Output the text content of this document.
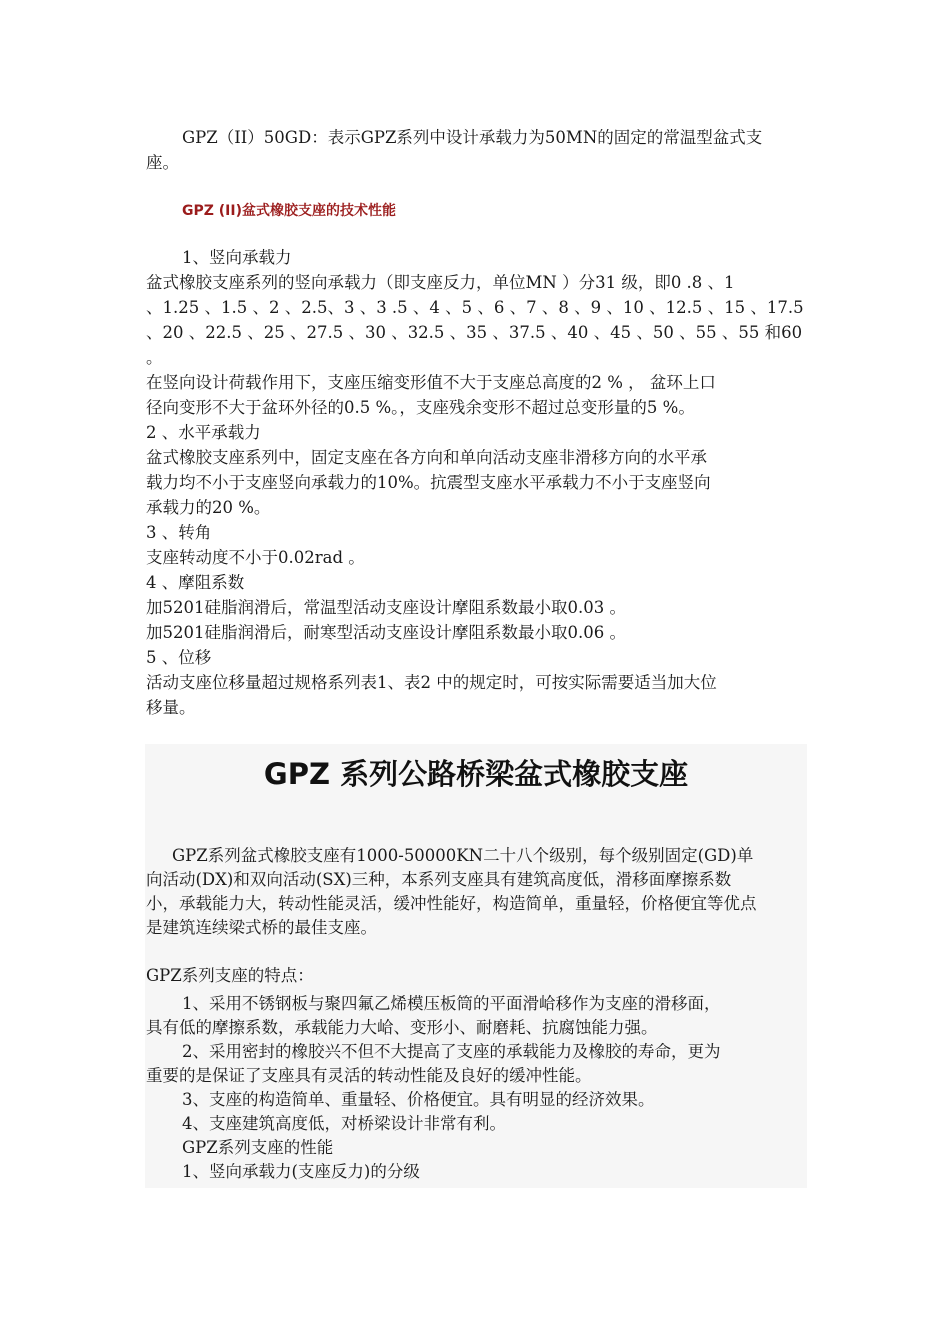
GPZ（II）50GD：表示GPZ系列中设计承载力为50MN的固定的常温型盆式支
座。
GPZ (II)盆式橡胶支座的技术性能
1、竖向承载力
盆式橡胶支座系列的竖向承载力（即支座反力，单位MN ）分31 级，即0 .8 、1
、1.25 、1.5 、2 、2.5、3 、3 .5 、4 、5 、6 、7 、8 、9 、10 、12.5 、15 、17.5
、20 、22.5 、25 、27.5 、30 、32.5 、35 、37.5 、40 、45 、50 、55 、55 和60
。
在竖向设计荷载作用下，支座压缩变形值不大于支座总高度的2 % ， 盆环上口
径向变形不大于盆环外径的0.5 %。，支座残余变形不超过总变形量的5 %。
2 、水平承载力
盆式橡胶支座系列中，固定支座在各方向和单向活动支座非滑移方向的水平承
载力均不小于支座竖向承载力的10%。抗震型支座水平承载力不小于支座竖向
承载力的20 %。
3 、转角
支座转动度不小于0.02rad 。
4 、摩阻系数
加5201硅脂润滑后，常温型活动支座设计摩阻系数最小取0.03 。
加5201硅脂润滑后，耐寒型活动支座设计摩阻系数最小取0.06 。
5 、位移
活动支座位移量超过规格系列表1、表2 中的规定时，可按实际需要适当加大位
移量。
GPZ 系列公路桥梁盆式橡胶支座
GPZ系列盆式橡胶支座有1000-50000KN二十八个级别，每个级别固定(GD)单
向活动(DX)和双向活动(SX)三种，本系列支座具有建筑高度低，滑移面摩擦系数
小，承载能力大，转动性能灵活，缓冲性能好，构造简单，重量轻，价格便宜等优点
是建筑连续梁式桥的最佳支座。
GPZ系列支座的特点：
1、采用不锈钢板与聚四氟乙烯模压板筒的平面滑峆移作为支座的滑移面，
具有低的摩擦系数，承载能力大峆、变形小、耐磨耗、抗腐蚀能力强。
2、采用密封的橡胶兴不但不大提高了支座的承载能力及橡胶的寿命，更为
重要的是保证了支座具有灵活的转动性能及良好的缓冲性能。
3、支座的构造简单、重量轻、价格便宜。具有明显的经济效果。
4、支座建筑高度低，对桥梁设计非常有利。
GPZ系列支座的性能
1、竖向承载力(支座反力)的分级
